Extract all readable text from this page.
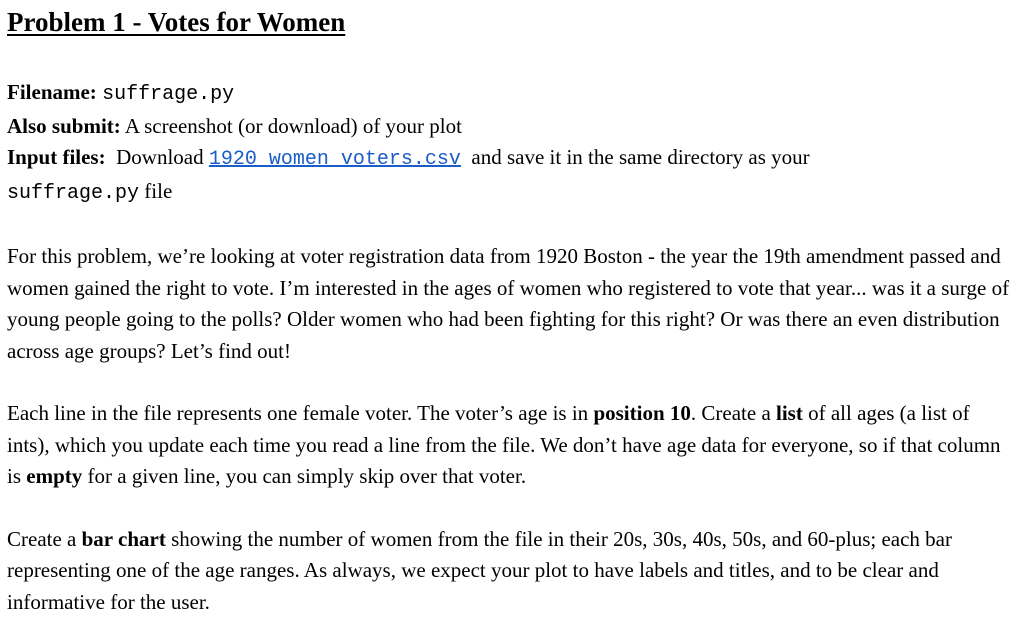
Problem 1 - Votes for Women
Filename: suffrage.py
Also submit: A screenshot (or download) of your plot
Input files: Download 1920_women_voters.csv and save it in the same directory as your
suffrage.py file

For this problem, we’re looking at voter registration data from 1920 Boston - the year the 19th amendment passed and women gained the right to vote. I’m interested in the ages of women who registered to vote that year... was it a surge of young people going to the polls? Older women who had been fighting for this right? Or was there an even distribution across age groups? Let’s find out!

Each line in the file represents one female voter. The voter’s age is in position 10. Create a list of all ages (a list of ints), which you update each time you read a line from the file. We don’t have age data for everyone, so if that column is empty for a given line, you can simply skip over that voter.

Create a bar chart showing the number of women from the file in their 20s, 30s, 40s, 50s, and 60-plus; each bar representing one of the age ranges. As always, we expect your plot to have labels and titles, and to be clear and informative for the user.
